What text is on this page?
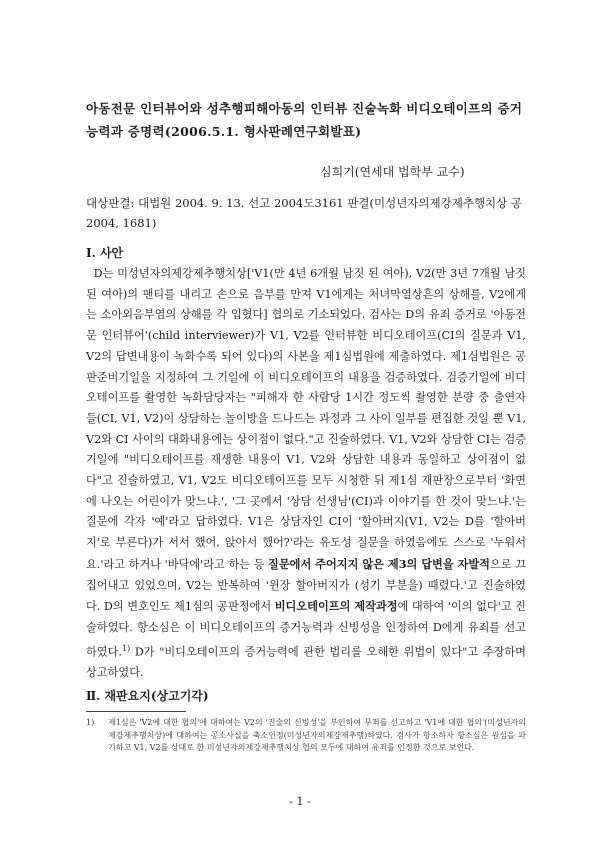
아동전문 인터뷰어와 성추행피해아동의 인터뷰 진술녹화 비디오테이프의 증거능력과 증명력(2006.5.1. 형사판례연구회발표)
심희기(연세대 법학부 교수)
대상판결: 대법원 2004. 9. 13. 선고 2004도3161 판결(미성년자의제강제추행치상 공2004, 1681)
Ⅰ. 사안

D는 미성년자의제강제추행치상['V1(만 4년 6개월 남짓 된 여아), V2(만 3년 7개월 남짓 된 여아)의 팬티를 내리고 손으로 음부를 만져 V1에게는 처녀막열상흔의 상해를, V2에게는 소아외음부염의 상해를 각 입혔다] 협의로 기소되었다. 검사는 D의 유죄 증거로 '아동전문 인터뷰어'(child interviewer)가 V1, V2를 인터뷰한 비디오테이프(CI의 질문과 V1, V2의 답변내용이 녹화수록 되어 있다)의 사본을 제1심법원에 제출하였다. 제1심법원은 공판준비기일을 지정하여 그 기일에 이 비디오테이프의 내용을 검증하였다. 검증기일에 비디오테이프를 촬영한 녹화담당자는 "피해자 한 사람당 1시간 정도씩 촬영한 분량 중 출연자들(CI, V1, V2)이 상담하는 놀이방을 드나드는 과정과 그 사이 일부를 편집한 것일 뿐 V1, V2와 CI 사이의 대화내용에는 상이점이 없다."고 진술하였다. V1, V2와 상담한 CI는 검증기일에 "비디오테이프를 재생한 내용이 V1, V2와 상담한 내용과 동일하고 상이점이 없다"고 진술하였고, V1, V2도 비디오테이프를 모두 시청한 뒤 제1심 재판장으로부터 '화면에 나오는 어린이가 맞느냐.', '그 곳에서 '상담 선생님'(CI)과 이야기를 한 것이 맞느냐.'는 질문에 각자 '예'라고 답하였다. V1은 상담자인 CI이 '할아버지(V1, V2는 D를 '할아버지'로 부른다)가 서서 했어, 앉아서 했어?'라는 유도성 질문을 하였음에도 스스로 '누워서요.'라고 하거나 '바닥에'라고 하는 등 질문에서 주어지지 않은 제3의 답변을 자발적으로 끄집어내고 있었으며, V2는 반복하여 '윈장 할아버지가 (성기 부분을) 때렸다.'고 진술하였다. D의 변호인도 제1심의 공판정에서 비디오테이프의 제작과정에 대하여 '이의 없다'고 진술하였다. 항소심은 이 비디오테이프의 증거능력과 신빙성을 인정하여 D에게 유죄를 선고하였다.$^{1)}$ D가 "비디오테이프의 증거능력에 관한 법리를 오해한 위법이 있다"고 주장하며 상고하였다.

Ⅱ. 재판요지(상고기각)
1)	제1심은 'V2에 대한 협의'에 대하여는 V2의 '진술의 신빙성'을 부인하여 무죄를 선고하고 'V1에 대한 협의'(미성년자의제강제추행치상)에 대하여는 공소사실을 축소인정(미성년자의제강제추행)하였다. 검사가 항소하자 항소심은 원심을 파기하고 V1, V2를 상대로 한 미성년자의제강제추행치상 협의 모두에 대하여 유죄를 인정한 것으로 보인다.
- 1 -
